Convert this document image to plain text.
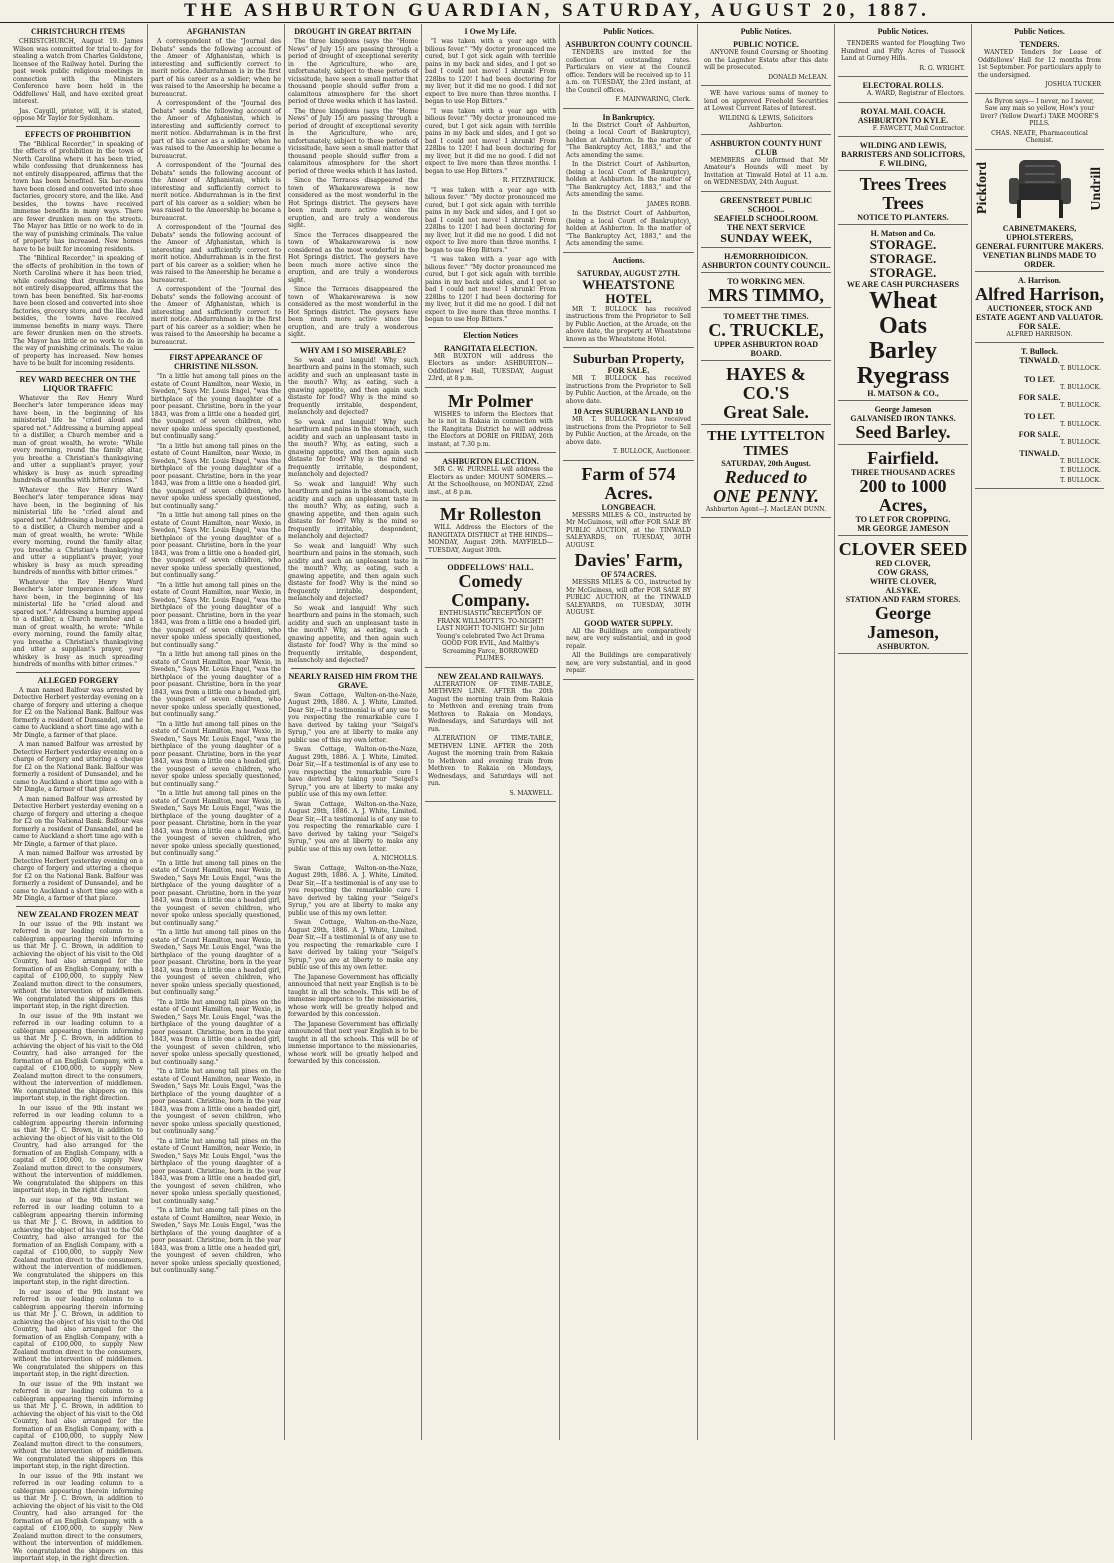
THE ASHBURTON GUARDIAN, SATURDAY, AUGUST 20, 1887.
CHRISTCHURCH ITEMS

CHRISTCHURCH, August 19. James Wilson was committed for trial to-day for stealing a watch from Charles Goldstone, licensee of the Railway hotel. During the past week public religious meetings in connection with the Ministers Conference have been held in the Oddfellows' Hall, and have excited great interest.

Jas. Caygill, printer, will, it is stated, oppose Mr Taylor for Sydenham.

EFFECTS OF PROHIBITION

The "Biblical Recorder," in speaking of the effects of prohibition in the town of North Carolina where it has been tried, while confessing that drunkenness has not entirely disappeared, affirms that the town has been benefited. Six bar-rooms have been closed and converted into shoe factories, grocery store, and the like. And besides, the towns have received immense benefits in many ways. There are fewer drunken men on the streets. The Mayor has little or no work to do in the way of punishing criminals. The value of property has increased. New homes have to be built for incoming residents.

The "Biblical Recorder," in speaking of the effects of prohibition in the town of North Carolina where it has been tried, while confessing that drunkenness has not entirely disappeared, affirms that the town has been benefited. Six bar-rooms have been closed and converted into shoe factories, grocery store, and the like. And besides, the towns have received immense benefits in many ways. There are fewer drunken men on the streets. The Mayor has little or no work to do in the way of punishing criminals. The value of property has increased. New homes have to be built for incoming residents.

REV WARD BEECHER ON THE LIQUOR TRAFFIC

Whatever the Rev Henry Ward Beecher's later temperance ideas may have been, in the beginning of his ministerial life he "cried aloud and spared not." Addressing a burning appeal to a distiller, a Church member and a man of great wealth, he wrote: "While every morning, round the family altar, you breathe a Christian's thanksgiving and utter a suppliant's prayer, your whiskey is busy as much spreading hundreds of months with bitter crimes."

Whatever the Rev Henry Ward Beecher's later temperance ideas may have been, in the beginning of his ministerial life he "cried aloud and spared not." Addressing a burning appeal to a distiller, a Church member and a man of great wealth, he wrote: "While every morning, round the family altar, you breathe a Christian's thanksgiving and utter a suppliant's prayer, your whiskey is busy as much spreading hundreds of months with bitter crimes."

Whatever the Rev Henry Ward Beecher's later temperance ideas may have been, in the beginning of his ministerial life he "cried aloud and spared not." Addressing a burning appeal to a distiller, a Church member and a man of great wealth, he wrote: "While every morning, round the family altar, you breathe a Christian's thanksgiving and utter a suppliant's prayer, your whiskey is busy as much spreading hundreds of months with bitter crimes."

ALLEGED FORGERY

A man named Balfour was arrested by Detective Herbert yesterday evening on a charge of forgery and uttering a cheque for £2 on the National Bank. Balfour was formerly a resident of Dunsandel, and he came to Auckland a short time ago with a Mr Dingle, a farmer of that place.

A man named Balfour was arrested by Detective Herbert yesterday evening on a charge of forgery and uttering a cheque for £2 on the National Bank. Balfour was formerly a resident of Dunsandel, and he came to Auckland a short time ago with a Mr Dingle, a farmer of that place.

A man named Balfour was arrested by Detective Herbert yesterday evening on a charge of forgery and uttering a cheque for £2 on the National Bank. Balfour was formerly a resident of Dunsandel, and he came to Auckland a short time ago with a Mr Dingle, a farmer of that place.

A man named Balfour was arrested by Detective Herbert yesterday evening on a charge of forgery and uttering a cheque for £2 on the National Bank. Balfour was formerly a resident of Dunsandel, and he came to Auckland a short time ago with a Mr Dingle, a farmer of that place.

NEW ZEALAND FROZEN MEAT

In our issue of the 9th instant we referred in our leading column to a cablegram appearing therein informing us that Mr J. C. Brown, in addition to achieving the object of his visit to the Old Country, had also arranged for the formation of an English Company, with a capital of £100,000, to supply New Zealand mutton direct to the consumers, without the intervention of middlemen. We congratulated the shippers on this important step, in the right direction.

In our issue of the 9th instant we referred in our leading column to a cablegram appearing therein informing us that Mr J. C. Brown, in addition to achieving the object of his visit to the Old Country, had also arranged for the formation of an English Company, with a capital of £100,000, to supply New Zealand mutton direct to the consumers, without the intervention of middlemen. We congratulated the shippers on this important step, in the right direction.

In our issue of the 9th instant we referred in our leading column to a cablegram appearing therein informing us that Mr J. C. Brown, in addition to achieving the object of his visit to the Old Country, had also arranged for the formation of an English Company, with a capital of £100,000, to supply New Zealand mutton direct to the consumers, without the intervention of middlemen. We congratulated the shippers on this important step, in the right direction.

In our issue of the 9th instant we referred in our leading column to a cablegram appearing therein informing us that Mr J. C. Brown, in addition to achieving the object of his visit to the Old Country, had also arranged for the formation of an English Company, with a capital of £100,000, to supply New Zealand mutton direct to the consumers, without the intervention of middlemen. We congratulated the shippers on this important step, in the right direction.

In our issue of the 9th instant we referred in our leading column to a cablegram appearing therein informing us that Mr J. C. Brown, in addition to achieving the object of his visit to the Old Country, had also arranged for the formation of an English Company, with a capital of £100,000, to supply New Zealand mutton direct to the consumers, without the intervention of middlemen. We congratulated the shippers on this important step, in the right direction.

In our issue of the 9th instant we referred in our leading column to a cablegram appearing therein informing us that Mr J. C. Brown, in addition to achieving the object of his visit to the Old Country, had also arranged for the formation of an English Company, with a capital of £100,000, to supply New Zealand mutton direct to the consumers, without the intervention of middlemen. We congratulated the shippers on this important step, in the right direction.

In our issue of the 9th instant we referred in our leading column to a cablegram appearing therein informing us that Mr J. C. Brown, in addition to achieving the object of his visit to the Old Country, had also arranged for the formation of an English Company, with a capital of £100,000, to supply New Zealand mutton direct to the consumers, without the intervention of middlemen. We congratulated the shippers on this important step, in the right direction.

AFGHANISTAN

A correspondent of the "Journal des Debats" sends the following account of the Ameer of Afghanistan, which is interesting and sufficiently correct to merit notice. Abdurrahman is in the first part of his career as a soldier; when he was raised to the Ameership he became a bureaucrat.

A correspondent of the "Journal des Debats" sends the following account of the Ameer of Afghanistan, which is interesting and sufficiently correct to merit notice. Abdurrahman is in the first part of his career as a soldier; when he was raised to the Ameership he became a bureaucrat.

A correspondent of the "Journal des Debats" sends the following account of the Ameer of Afghanistan, which is interesting and sufficiently correct to merit notice. Abdurrahman is in the first part of his career as a soldier; when he was raised to the Ameership he became a bureaucrat.

A correspondent of the "Journal des Debats" sends the following account of the Ameer of Afghanistan, which is interesting and sufficiently correct to merit notice. Abdurrahman is in the first part of his career as a soldier; when he was raised to the Ameership he became a bureaucrat.

A correspondent of the "Journal des Debats" sends the following account of the Ameer of Afghanistan, which is interesting and sufficiently correct to merit notice. Abdurrahman is in the first part of his career as a soldier; when he was raised to the Ameership he became a bureaucrat.

FIRST APPEARANCE OF CHRISTINE NILSSON.

"In a little hut among tall pines on the estate of Count Hamilton, near Wexio, in Sweden," Says Mr. Louis Engel, "was the birthplace of the young daughter of a poor peasant. Christine, born in the year 1843, was from a little one a headed girl, the youngest of seven children, who never spoke unless specially questioned, but continually sang."

"In a little hut among tall pines on the estate of Count Hamilton, near Wexio, in Sweden," Says Mr. Louis Engel, "was the birthplace of the young daughter of a poor peasant. Christine, born in the year 1843, was from a little one a headed girl, the youngest of seven children, who never spoke unless specially questioned, but continually sang."

"In a little hut among tall pines on the estate of Count Hamilton, near Wexio, in Sweden," Says Mr. Louis Engel, "was the birthplace of the young daughter of a poor peasant. Christine, born in the year 1843, was from a little one a headed girl, the youngest of seven children, who never spoke unless specially questioned, but continually sang."

"In a little hut among tall pines on the estate of Count Hamilton, near Wexio, in Sweden," Says Mr. Louis Engel, "was the birthplace of the young daughter of a poor peasant. Christine, born in the year 1843, was from a little one a headed girl, the youngest of seven children, who never spoke unless specially questioned, but continually sang."

"In a little hut among tall pines on the estate of Count Hamilton, near Wexio, in Sweden," Says Mr. Louis Engel, "was the birthplace of the young daughter of a poor peasant. Christine, born in the year 1843, was from a little one a headed girl, the youngest of seven children, who never spoke unless specially questioned, but continually sang."

"In a little hut among tall pines on the estate of Count Hamilton, near Wexio, in Sweden," Says Mr. Louis Engel, "was the birthplace of the young daughter of a poor peasant. Christine, born in the year 1843, was from a little one a headed girl, the youngest of seven children, who never spoke unless specially questioned, but continually sang."

"In a little hut among tall pines on the estate of Count Hamilton, near Wexio, in Sweden," Says Mr. Louis Engel, "was the birthplace of the young daughter of a poor peasant. Christine, born in the year 1843, was from a little one a headed girl, the youngest of seven children, who never spoke unless specially questioned, but continually sang."

"In a little hut among tall pines on the estate of Count Hamilton, near Wexio, in Sweden," Says Mr. Louis Engel, "was the birthplace of the young daughter of a poor peasant. Christine, born in the year 1843, was from a little one a headed girl, the youngest of seven children, who never spoke unless specially questioned, but continually sang."

"In a little hut among tall pines on the estate of Count Hamilton, near Wexio, in Sweden," Says Mr. Louis Engel, "was the birthplace of the young daughter of a poor peasant. Christine, born in the year 1843, was from a little one a headed girl, the youngest of seven children, who never spoke unless specially questioned, but continually sang."

"In a little hut among tall pines on the estate of Count Hamilton, near Wexio, in Sweden," Says Mr. Louis Engel, "was the birthplace of the young daughter of a poor peasant. Christine, born in the year 1843, was from a little one a headed girl, the youngest of seven children, who never spoke unless specially questioned, but continually sang."

"In a little hut among tall pines on the estate of Count Hamilton, near Wexio, in Sweden," Says Mr. Louis Engel, "was the birthplace of the young daughter of a poor peasant. Christine, born in the year 1843, was from a little one a headed girl, the youngest of seven children, who never spoke unless specially questioned, but continually sang."

"In a little hut among tall pines on the estate of Count Hamilton, near Wexio, in Sweden," Says Mr. Louis Engel, "was the birthplace of the young daughter of a poor peasant. Christine, born in the year 1843, was from a little one a headed girl, the youngest of seven children, who never spoke unless specially questioned, but continually sang."

"In a little hut among tall pines on the estate of Count Hamilton, near Wexio, in Sweden," Says Mr. Louis Engel, "was the birthplace of the young daughter of a poor peasant. Christine, born in the year 1843, was from a little one a headed girl, the youngest of seven children, who never spoke unless specially questioned, but continually sang."

DROUGHT IN GREAT BRITAIN

The three kingdoms (says the "Home News" of July 15) are passing through a period of drought of exceptional severity in the Agriculture, who are, unfortunately, subject to these periods of vicissitude, have seen a small matter that thousand people should suffer from a calamitous atmosphere for the short period of three weeks which it has lasted.

The three kingdoms (says the "Home News" of July 15) are passing through a period of drought of exceptional severity in the Agriculture, who are, unfortunately, subject to these periods of vicissitude, have seen a small matter that thousand people should suffer from a calamitous atmosphere for the short period of three weeks which it has lasted.

Since the Terraces disappeared the town of Whakarewarewa is now considered as the most wonderful in the Hot Springs district. The geysers have been much more active since the eruption, and are truly a wonderous sight.

Since the Terraces disappeared the town of Whakarewarewa is now considered as the most wonderful in the Hot Springs district. The geysers have been much more active since the eruption, and are truly a wonderous sight.

Since the Terraces disappeared the town of Whakarewarewa is now considered as the most wonderful in the Hot Springs district. The geysers have been much more active since the eruption, and are truly a wonderous sight.

WHY AM I SO MISERABLE?

So weak and languid! Why such heartburn and pains in the stomach, such acidity and such an unpleasant taste in the mouth? Why, as eating, such a gnawing appetite, and then again such distaste for food? Why is the mind so frequently irritable, despondent, melancholy and dejected?

So weak and languid! Why such heartburn and pains in the stomach, such acidity and such an unpleasant taste in the mouth? Why, as eating, such a gnawing appetite, and then again such distaste for food? Why is the mind so frequently irritable, despondent, melancholy and dejected?

So weak and languid! Why such heartburn and pains in the stomach, such acidity and such an unpleasant taste in the mouth? Why, as eating, such a gnawing appetite, and then again such distaste for food? Why is the mind so frequently irritable, despondent, melancholy and dejected?

So weak and languid! Why such heartburn and pains in the stomach, such acidity and such an unpleasant taste in the mouth? Why, as eating, such a gnawing appetite, and then again such distaste for food? Why is the mind so frequently irritable, despondent, melancholy and dejected?

So weak and languid! Why such heartburn and pains in the stomach, such acidity and such an unpleasant taste in the mouth? Why, as eating, such a gnawing appetite, and then again such distaste for food? Why is the mind so frequently irritable, despondent, melancholy and dejected?

NEARLY RAISED HIM FROM THE GRAVE.

Swan Cottage, Walton-on-the-Naze, August 29th, 1886. A. J. White, Limited. Dear Sir,—If a testimonial is of any use to you respecting the remarkable cure I have derived by taking your "Seigel's Syrup," you are at liberty to make any public use of this my own letter.

Swan Cottage, Walton-on-the-Naze, August 29th, 1886. A. J. White, Limited. Dear Sir,—If a testimonial is of any use to you respecting the remarkable cure I have derived by taking your "Seigel's Syrup," you are at liberty to make any public use of this my own letter.

Swan Cottage, Walton-on-the-Naze, August 29th, 1886. A. J. White, Limited. Dear Sir,—If a testimonial is of any use to you respecting the remarkable cure I have derived by taking your "Seigel's Syrup," you are at liberty to make any public use of this my own letter.

A. NICHOLLS.

Swan Cottage, Walton-on-the-Naze, August 29th, 1886. A. J. White, Limited. Dear Sir,—If a testimonial is of any use to you respecting the remarkable cure I have derived by taking your "Seigel's Syrup," you are at liberty to make any public use of this my own letter.

Swan Cottage, Walton-on-the-Naze, August 29th, 1886. A. J. White, Limited. Dear Sir,—If a testimonial is of any use to you respecting the remarkable cure I have derived by taking your "Seigel's Syrup," you are at liberty to make any public use of this my own letter.

The Japanese Government has officially announced that next year English is to be taught in all the schools. This will be of immense importance to the missionaries, whose work will be greatly helped and forwarded by this concession.

The Japanese Government has officially announced that next year English is to be taught in all the schools. This will be of immense importance to the missionaries, whose work will be greatly helped and forwarded by this concession.

I Owe My Life.

"I was taken with a year ago with bilious fever." "My doctor pronounced me cured, but I got sick again with terrible pains in my back and sides, and I got so bad I could not move! I shrunk! From 228lbs to 120! I had been doctoring for my liver, but it did me no good. I did not expect to live more than three months. I began to use Hop Bitters."

"I was taken with a year ago with bilious fever." "My doctor pronounced me cured, but I got sick again with terrible pains in my back and sides, and I got so bad I could not move! I shrunk! From 228lbs to 120! I had been doctoring for my liver, but it did me no good. I did not expect to live more than three months. I began to use Hop Bitters."

R. FITZPATRICK.

"I was taken with a year ago with bilious fever." "My doctor pronounced me cured, but I got sick again with terrible pains in my back and sides, and I got so bad I could not move! I shrunk! From 228lbs to 120! I had been doctoring for my liver, but it did me no good. I did not expect to live more than three months. I began to use Hop Bitters."

"I was taken with a year ago with bilious fever." "My doctor pronounced me cured, but I got sick again with terrible pains in my back and sides, and I got so bad I could not move! I shrunk! From 228lbs to 120! I had been doctoring for my liver, but it did me no good. I did not expect to live more than three months. I began to use Hop Bitters."

Election Notices
RANGITATA ELECTION.

MR BUXTON will address the Electors as under: ASHBURTON—Oddfellows' Hall, TUESDAY, August 23rd, at 8 p.m.

Mr Polmer

WISHES to inform the Electors that he is not in Rakaia in connection with the Rangitata District he will address the Electors at DORIE on FRIDAY, 26th instant, at 7.30 p.m.

ASHBURTON ELECTION.

MR C. W. PURNELL will address the Electors as under: MOUNT SOMERS.—At the Schoolhouse, on MONDAY, 22nd inst., at 8 p.m.

Mr Rolleston

WILL Address the Electors of the RANGITATA DISTRICT at THE HINDS—MONDAY, August 29th. MAYFIELD—TUESDAY, August 30th.

ODDFELLOWS' HALL.
Comedy Company.

ENTHUSIASTIC RECEPTION OF FRANK WILLMOTT'S. TO-NIGHT! LAST NIGHT! TO-NIGHT! Sir John Young's celebrated Two Act Drama GOOD FOR EVIL, And Maltby's Screaming Farce, BORROWED PLUMES.

NEW ZEALAND RAILWAYS.

ALTERATION OF TIME-TABLE, METHVEN LINE. AFTER the 20th August the morning train from Rakaia to Methven and evening train from Methven to Rakaia on Mondays, Wednesdays, and Saturdays will not run.

ALTERATION OF TIME-TABLE, METHVEN LINE. AFTER the 20th August the morning train from Rakaia to Methven and evening train from Methven to Rakaia on Mondays, Wednesdays, and Saturdays will not run.

S. MAXWELL.

Public Notices.
ASHBURTON COUNTY COUNCIL

TENDERS are invited for the collection of outstanding rates. Particulars on view at the Council office. Tenders will be received up to 11 a.m. on TUESDAY, the 23rd instant, at the Council offices.

F. MAINWARING, Clerk.

In Bankruptcy.

In the District Court of Ashburton, (being a local Court of Bankruptcy), holden at Ashburton. In the matter of "The Bankruptcy Act, 1883," and the Acts amending the same.

In the District Court of Ashburton, (being a local Court of Bankruptcy), holden at Ashburton. In the matter of "The Bankruptcy Act, 1883," and the Acts amending the same.

JAMES ROBB.

In the District Court of Ashburton, (being a local Court of Bankruptcy), holden at Ashburton. In the matter of "The Bankruptcy Act, 1883," and the Acts amending the same.

Auctions.
SATURDAY, AUGUST 27TH.
WHEATSTONE HOTEL

MR T. BULLOCK has received instructions from the Proprietor to Sell by Public Auction, at the Arcade, on the above date, the property at Wheatstone known as the Wheatstone Hotel.

Suburban Property,
FOR SALE.

MR T. BULLOCK has received instructions from the Proprietor to Sell by Public Auction, at the Arcade, on the above date.

10 Acres SUBURBAN LAND 10

MR T. BULLOCK has received instructions from the Proprietor to Sell by Public Auction, at the Arcade, on the above date.

T. BULLOCK, Auctioneer.

Farm of 574 Acres.
LONGBEACH.

MESSRS MILES & CO., instructed by Mr McGuiness, will offer FOR SALE BY PUBLIC AUCTION, at the TINWALD SALEYARDS, on TUESDAY, 30TH AUGUST.

Davies' Farm,
OF 574 ACRES.

MESSRS MILES & CO., instructed by Mr McGuiness, will offer FOR SALE BY PUBLIC AUCTION, at the TINWALD SALEYARDS, on TUESDAY, 30TH AUGUST.

GOOD WATER SUPPLY.

All the Buildings are comparatively new, are very substantial, and in good repair.

All the Buildings are comparatively new, are very substantial, and in good repair.

Public Notices.
PUBLIC NOTICE.

ANYONE found Coursing or Shooting on the Lagmhor Estate after this date will be prosecuted.

DONALD McLEAN.

WE have various sums of money to lend on approved Freehold Securities at Lowest Current Rates of Interest.

WILDING & LEWIS, Solicitors Ashburton.

ASHBURTON COUNTY HUNT CLUB

MEMBERS are informed that Mr Amateur's Hounds will meet by Invitation at Tinwald Hotel at 11 a.m. on WEDNESDAY, 24th August.

GREENSTREET PUBLIC SCHOOL.
SEAFIELD SCHOOLROOM.
THE NEXT SERVICE
SUNDAY WEEK,
HÆMORRHOIDICON.
ASHBURTON COUNTY COUNCIL.
TO WORKING MEN.
MRS TIMMO,
TO MEET THE TIMES.
C. TRUCKLE,
UPPER ASHBURTON ROAD BOARD.
HAYES & CO.'S
Great Sale.
THE LYTTELTON TIMES
SATURDAY, 20th August.
Reduced to
ONE PENNY.

Ashburton Agent—J. MacLEAN DUNN.

Public Notices.

TENDERS wanted for Ploughing Two Hundred and Fifty Acres of Tussock Land at Gurney Hills.

R. G. WRIGHT.

ELECTORAL ROLLS.

A. WARD, Registrar of Electors.

ROYAL MAIL COACH.
ASHBURTON TO KYLE.

F. FAWCETT, Mail Contractor.

WILDING AND LEWIS,
BARRISTERS AND SOLICITORS,
F. WILDING,
Trees Trees Trees
NOTICE TO PLANTERS.
H. Matson and Co.
STORAGE. STORAGE.
STORAGE.
WE ARE CASH PURCHASERS
Wheat
Oats
Barley
Ryegrass
H. MATSON & CO.,
George Jameson
GALVANISED IRON TANKS.
Seed Barley.
Fairfield.
THREE THOUSAND ACRES
200 to 1000 Acres,
TO LET FOR CROPPING.
MR GEORGE JAMESON
CLOVER SEED
RED CLOVER,
COW GRASS,
WHITE CLOVER,
ALSYKE.
STATION AND FARM STORES.
George Jameson,
ASHBURTON.
Public Notices.
TENDERS.

WANTED Tenders for Lease of Oddfellows' Hall for 12 months from 1st September. For particulars apply to the undersigned.

JOSHUA TUCKER

As Byron says— I never, no I never, Saw any man so yellow, How's your liver? (Yellow Dwarf.) TAKE MOORE'S PILLS.

CHAS. NEATE, Pharmaceutical Chemist.

Pickford	Undrill
CABINETMAKERS, UPHOLSTERERS,
GENERAL FURNITURE MAKERS.
VENETIAN BLINDS MADE TO ORDER.
A. Harrison.
Alfred Harrison,
AUCTIONEER, STOCK AND ESTATE AGENT AND VALUATOR.
FOR SALE.

ALFRED HARRISON.

T. Bullock.
TINWALD.

T. BULLOCK.

TO LET.

T. BULLOCK.

FOR SALE.

T. BULLOCK.

TO LET.

T. BULLOCK.

FOR SALE.

T. BULLOCK.

TINWALD.

T. BULLOCK.

T. BULLOCK.

T. BULLOCK.
